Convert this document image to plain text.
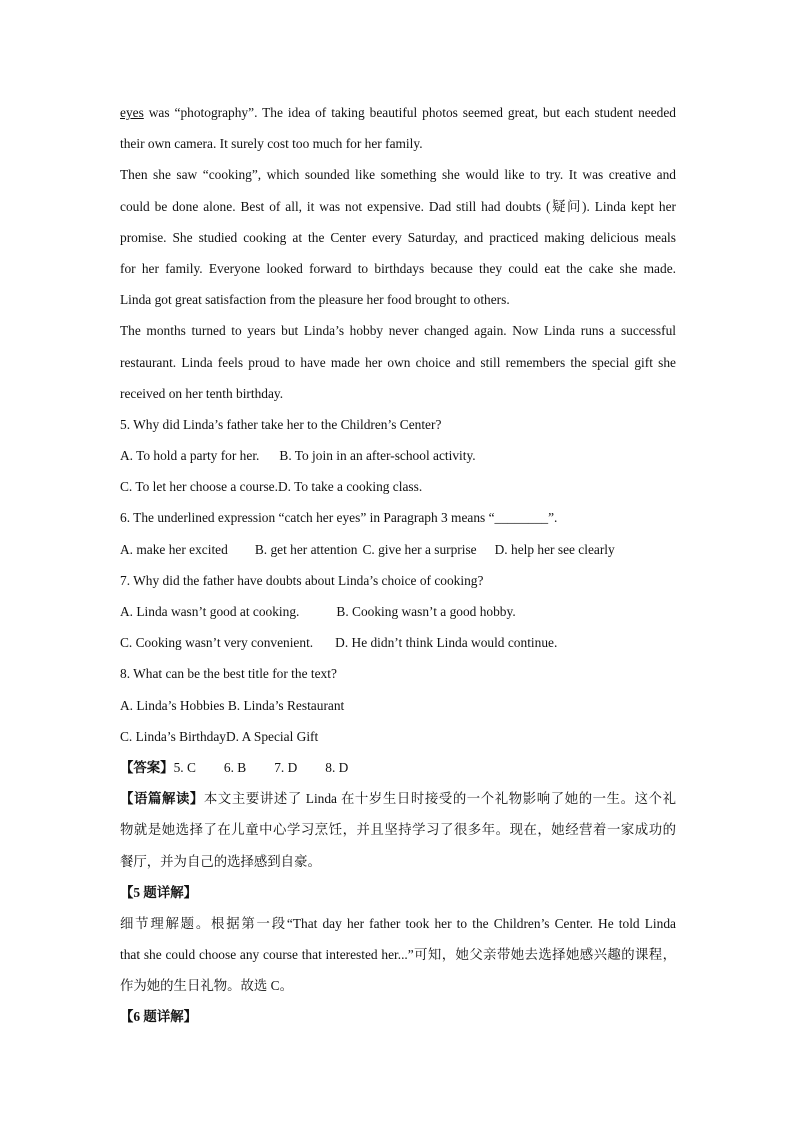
eyes was “photography”. The idea of taking beautiful photos seemed great, but each student needed
their own camera. It surely cost too much for her family.
Then she saw “cooking”, which sounded like something she would like to try. It was creative and
could be done alone. Best of all, it was not expensive. Dad still had doubts (疑问). Linda kept her
promise. She studied cooking at the Center every Saturday, and practiced making delicious meals
for her family. Everyone looked forward to birthdays because they could eat the cake she made.
Linda got great satisfaction from the pleasure her food brought to others.
The months turned to years but Linda’s hobby never changed again. Now Linda runs a successful
restaurant. Linda feels proud to have made her own choice and still remembers the special gift she
received on her tenth birthday.
5. Why did Linda’s father take her to the Children’s Center?
A. To hold a party for her. B. To join in an after-school activity.
C. To let her choose a course.D. To take a cooking class.
6. The underlined expression “catch her eyes” in Paragraph 3 means “________”.
A. make her excited B. get her attention C. give her a surprise D. help her see clearly
7. Why did the father have doubts about Linda’s choice of cooking?
A. Linda wasn’t good at cooking.	B. Cooking wasn’t a good hobby.
C. Cooking wasn’t very convenient. D. He didn’t think Linda would continue.
8. What can be the best title for the text?
A. Linda’s Hobbies B. Linda’s Restaurant
C. Linda’s BirthdayD. A Special Gift
【答案】5. C 6. B 7. D 8. D
【语篇解读】本文主要讲述了 Linda 在十岁生日时接受的一个礼物影响了她的一生。这个礼
物就是她选择了在儿童中心学习烹饪，并且坚持学习了很多年。现在，她经营着一家成功的
餐厅，并为自己的选择感到自豪。
【5 题详解】
细节理解题。根据第一段“That day her father took her to the Children’s Center. He told Linda
that she could choose any course that interested her...”可知，她父亲带她去选择她感兴趣的课程，
作为她的生日礼物。故选 C。
【6 题详解】
